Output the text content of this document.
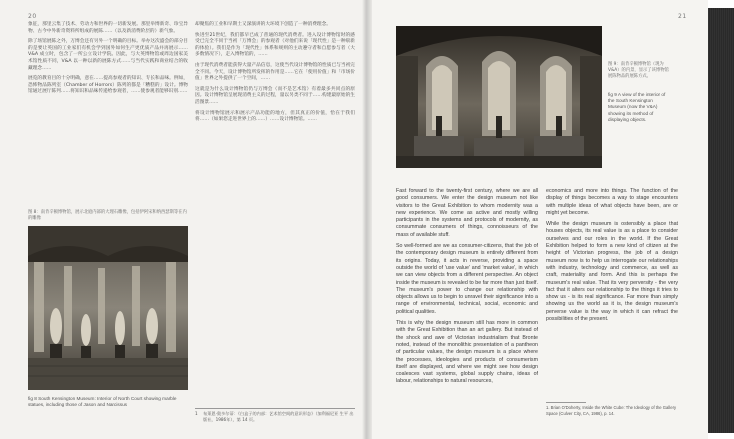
20

象征，那里云集了技术、劳动力和世界的一切新发展。那里举博新奇、珍宝异物、古今中外新奇资料所组成的展陈……（以及新消费阶层的）新气象。

除了场馆展陈之外，万博会还有另外一个明确的目标。举办这次盛会的部分目的是要让英国的工业家们有机会学到国外如何生产更优质产品并再展示……V&A 成立时，包含了一所公立设计学院。因此，与大英博物馆或周边国家美术馆性质不同，V&A 以一种以新的展陈方式……与当代实践和商业结合的收藏理念……

展览的教育目的十分明确，意在……提高参观者的知识、专长和品味。例如，恐怖物品陈列室（Chamber of Horrors）陈列的都是「糟糕的」设计。博物馆通过展厅陈列……将知识和品味传递给参观者，……使参观者能够识别……

图 8：南肯辛顿博物馆，展示北庭内部的大理石雕像，包括伊阿宋和纳西瑟斯等在内的雕像
fig 8 South Kensington Museum: Interior of North Court showing marble statues, including those of Jason and Narcissus

却聚焦的工业和早期土又深演讲的大环境下创造了一种消费理念。

快进至21世纪，我们都早已成了普通的现代消费者。进入设计博物馆时的感受已完全不同于当初「万博会」的参观者（对他们来说「现代性」是一种崭新的体验）。我们是作为「现代性」体系和规则的主动遵守者和自愿参与者（大多数情况下），走入博物馆的，……

由于现代消费者能获得大量产品信息，这使当代设计博物馆的性质已与当初完全不同。今天，设计博物馆所发挥的作用是……它在「使用价值」和「市场价值」世界之外提供了一个空间，……

这就是为什么设计博物馆仍与万博会（而不是艺术馆）有着最多共同点的原因。设计博物馆呈展现消费主义的过程，量以另类不同于……构建最原始的生活图景……

将设计博物馆展示和展示产品功能的地方，但其真正的价值，恰在于我们将……（如果您走进世界上的……）……设计博物馆。……

1	布莱恩·奥多尔蒂：《白盒子的内部：艺术馆空间的意识形态》（加利福尼亚 生平 出版社，1986年），第 14 页。
21
图 9：南肯辛顿博物馆（现为 V&A）的内景，显示了该博物馆展陈物品的展陈方式。
fig 9 A view of the interior of the South Kensington Museum (now the V&A) showing its method of displaying objects.

Fast forward to the twenty-first century, where we are all good consumers. We enter the design museum not like visitors to the Great Exhibition to whom modernity was a new experience. We come as active and mostly willing participants in the systems and protocols of modernity, as consummate consumers of things, connoisseurs of the mass of available stuff.

So well-formed are we as consumer-citizens, that the job of the contemporary design museum is entirely different from its origins. Today, it acts in reverse, providing a space outside the world of 'use value' and 'market value', in which we can view objects from a different perspective. An object inside the museum is revealed to be far more than just itself. The museum's power to change our relationship with objects allows us to begin to unravel their significance into a range of environmental, technical, social, economic and political qualities.

This is why the design museum still has more in common with the Great Exhibition than an art gallery. But instead of the shock and awe of Victorian industrialism that Bronte noted, instead of the monolithic presentation of a pantheon of particular values, the design museum is a place where the processes, ideologies and products of consumerism itself are displayed, and where we might see how design coalesces vast systems, global supply chains, ideas of labour, relationships to natural resources,

economics and more into things. The function of the display of things becomes a way to stage encounters with multiple ideas of what objects have been, are or might yet become.

While the design museum is ostensibly a place that houses objects, its real value is as a place to consider ourselves and our roles in the world. If the Great Exhibition helped to form a new kind of citizen at the height of Victorian progress, the job of a design museum now is to help us interrogate our relationships with industry, technology and commerce, as well as craft, materiality and form. And this is perhaps the museum's real value. That its very perversity - the very fact that it alters our relationship to the things it tries to show us - is its real significance. Far more than simply showing us the world as it is, the design museum's perverse value is the way in which it can refract the possibilities of the present.

1. Brian O'Doherty, Inside the White Cube: The Ideology of the Gallery Space (Culver City, CA, 1986), p. 14.
